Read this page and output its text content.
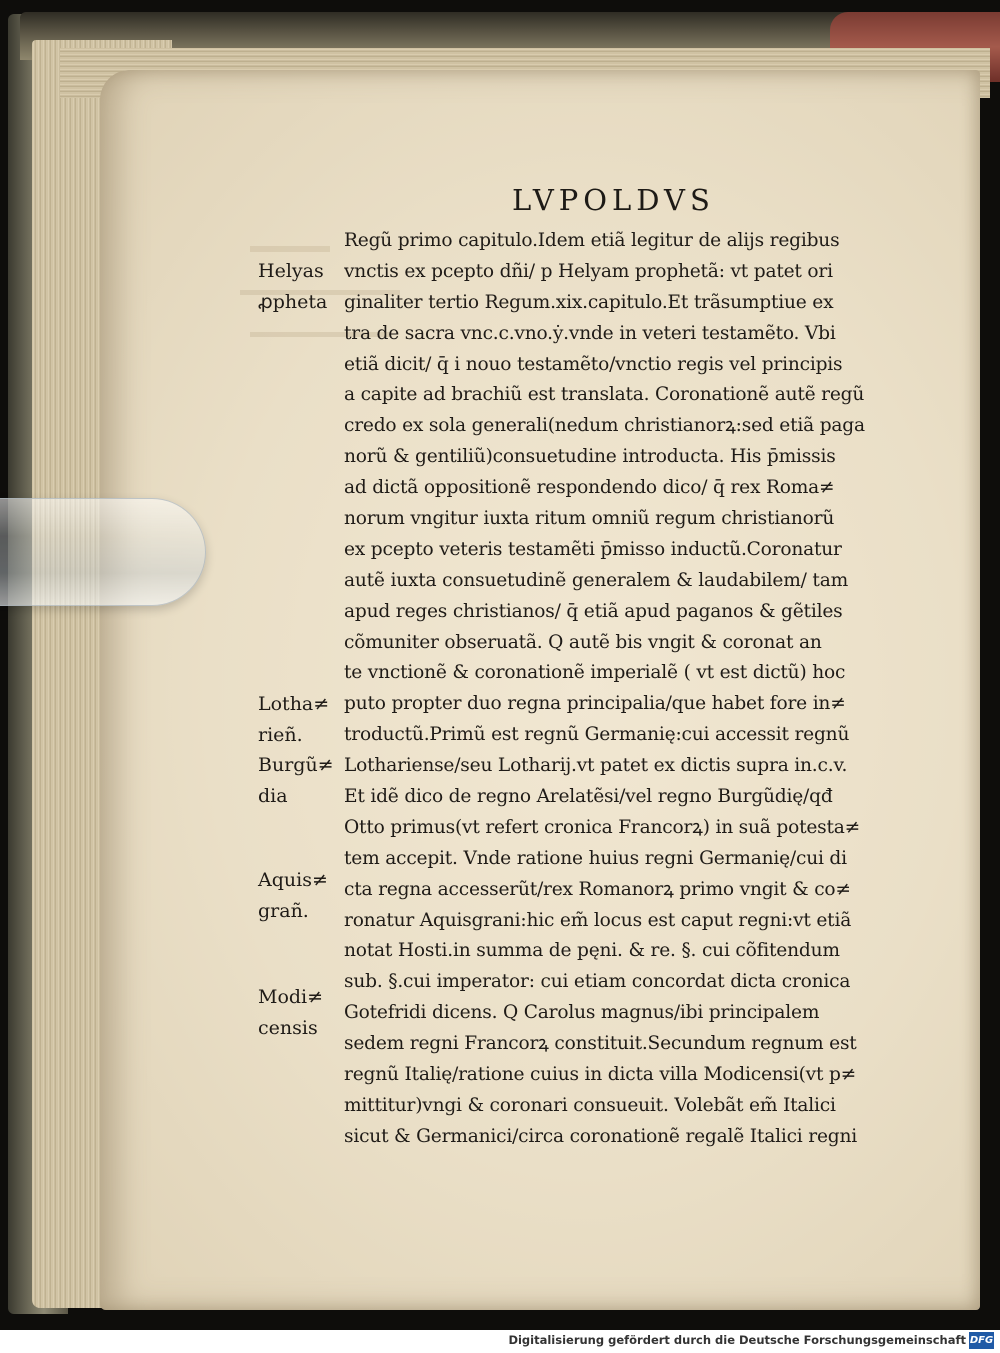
LVPOLDVS
Regũ primo capitulo.Idem etiã legitur de alijs regibus
vnctis ex pcepto dñi/ p Helyam prophetã: vt patet ori
ginaliter tertio Regum.xix.capitulo.Et trãsumptiue ex
tra de sacra vnc.c.vno.ẏ.vnde in veteri testamẽto. Vbi
etiã dicit/ q̄ i nouo testamẽto/vnctio regis vel principis
a capite ad brachiũ est translata. Coronationẽ autẽ regũ
credo ex sola generali(nedum christianorꝝ:sed etiã paga
norũ & gentiliũ)consuetudine introducta. His p̄missis
ad dictã oppositionẽ respondendo dico/ q̄ rex Roma≠
norum vngitur iuxta ritum omniũ regum christianorũ
ex pcepto veteris testamẽti p̄misso inductũ.Coronatur
autẽ iuxta consuetudinẽ generalem & laudabilem/ tam
apud reges christianos/ q̄ etiã apud paganos & gẽtiles
cõmuniter obseruatã. Q autẽ bis vngit & coronat an
te vnctionẽ & coronationẽ imperialẽ ( vt est dictũ) hoc
puto propter duo regna principalia/que habet fore in≠
troductũ.Primũ est regnũ Germanię:cui accessit regnũ
Lothariense/seu Lotharij.vt patet ex dictis supra in.c.v.
Et idẽ dico de regno Arelatẽsi/vel regno Burgũdię/qđ
Otto primus(vt refert cronica Francorꝝ) in suã potesta≠
tem accepit. Vnde ratione huius regni Germanię/cui di
cta regna accesserũt/rex Romanorꝝ primo vngit & co≠
ronatur Aquisgrani:hic em̃ locus est caput regni:vt etiã
notat Hosti.in summa de pęni. & re. §. cui cõfitendum
sub. §.cui imperator: cui etiam concordat dicta cronica
Gotefridi dicens. Q Carolus magnus/ibi principalem
sedem regni Francorꝝ constituit.Secundum regnum est
regnũ Italię/ratione cuius in dicta villa Modicensi(vt p≠
mittitur)vngi & coronari consueuit. Volebãt em̃ Italici
sicut & Germanici/circa coronationẽ regalẽ Italici regni
Helyas
ꝓpheta
Lotha≠
rieñ.
Burgũ≠
dia
Aquis≠
grañ.
Modi≠
censis
Digitalisierung gefördert durch die Deutsche Forschungsgemeinschaft DFG
